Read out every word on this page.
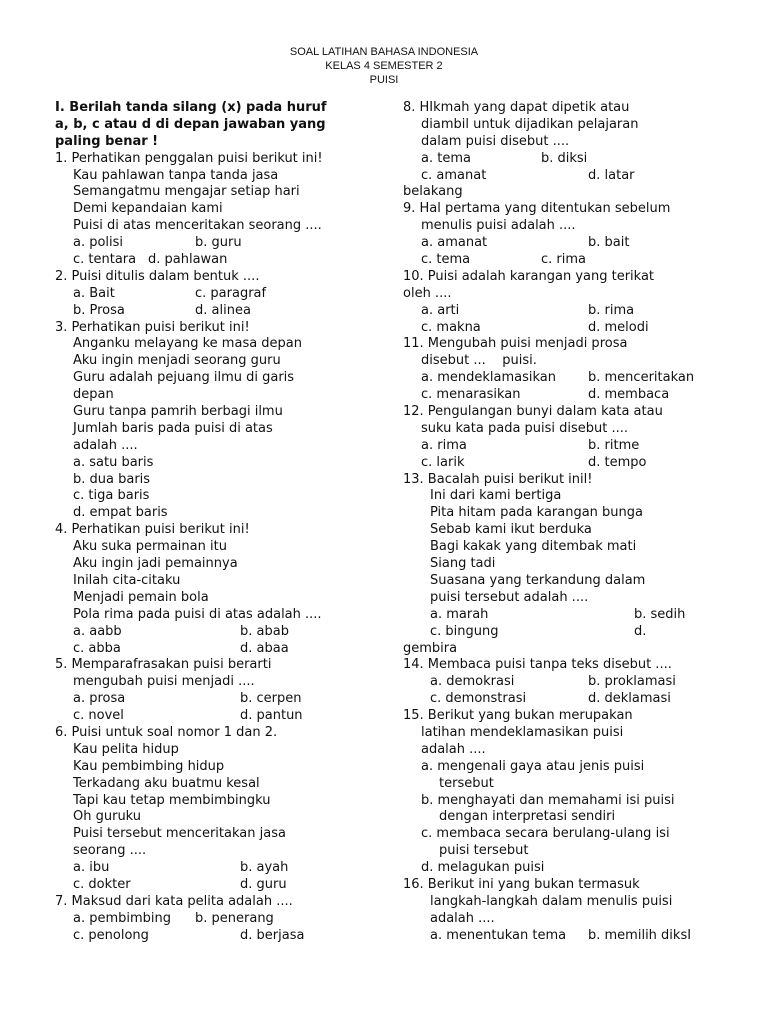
SOAL LATIHAN BAHASA INDONESIA
KELAS 4 SEMESTER 2
PUISI
I. Berilah tanda silang (x) pada huruf
a, b, c atau d di depan jawaban yang
paling benar !
1. Perhatikan penggalan puisi berikut ini!
Kau pahlawan tanpa tanda jasa
Semangatmu mengajar setiap hari
Demi kepandaian kami
Puisi di atas menceritakan seorang ....
a. polisi	b. guru
c. tentara d. pahlawan
2. Puisi ditulis dalam bentuk ....
a. Bait	c. paragraf
b. Prosa	d. alinea
3. Perhatikan puisi berikut ini!
Anganku melayang ke masa depan
Aku ingin menjadi seorang guru
Guru adalah pejuang ilmu di garis
depan
Guru tanpa pamrih berbagi ilmu
Jumlah baris pada puisi di atas
adalah ....
a. satu baris
b. dua baris
c. tiga baris
d. empat baris
4. Perhatikan puisi berikut ini!
Aku suka permainan itu
Aku ingin jadi pemainnya
Inilah cita-citaku
Menjadi pemain bola
Pola rima pada puisi di atas adalah ....
a. aabb	b. abab
c. abba	d. abaa
5. Memparafrasakan puisi berarti
mengubah puisi menjadi ....
a. prosa	b. cerpen
c. novel	d. pantun
6. Puisi untuk soal nomor 1 dan 2.
Kau pelita hidup
Kau pembimbing hidup
Terkadang aku buatmu kesal
Tapi kau tetap membimbingku
Oh guruku
Puisi tersebut menceritakan jasa
seorang ....
a. ibu	b. ayah
c. dokter	d. guru
7. Maksud dari kata pelita adalah ....
a. pembimbing b. penerang
c. penolong	d. berjasa
8. HIkmah yang dapat dipetik atau
diambil untuk dijadikan pelajaran
dalam puisi disebut ....
a. tema	b. diksi
c. amanat	d. latar
belakang
9. Hal pertama yang ditentukan sebelum
menulis puisi adalah ....
a. amanat	b. bait
c. tema	c. rima
10. Puisi adalah karangan yang terikat
oleh ....
a. arti	b. rima
c. makna	d. melodi
11. Mengubah puisi menjadi prosa
disebut ...    puisi.
a. mendeklamasikan b. menceritakan
c. menarasikan	d. membaca
12. Pengulangan bunyi dalam kata atau
suku kata pada puisi disebut ....
a. rima	b. ritme
c. larik	d. tempo
13. Bacalah puisi berikut inil!
Ini dari kami bertiga
Pita hitam pada karangan bunga
Sebab kami ikut berduka
Bagi kakak yang ditembak mati
Siang tadi
Suasana yang terkandung dalam
puisi tersebut adalah ....
a. marah	b. sedih
c. bingung	d.
gembira
14. Membaca puisi tanpa teks disebut ....
a. demokrasi	b. proklamasi
c. demonstrasi	d. deklamasi
15. Berikut yang bukan merupakan
latihan mendeklamasikan puisi
adalah ....
a. mengenali gaya atau jenis puisi
tersebut
b. menghayati dan memahami isi puisi
dengan interpretasi sendiri
c. membaca secara berulang-ulang isi
puisi tersebut
d. melagukan puisi
16. Berikut ini yang bukan termasuk
langkah-langkah dalam menulis puisi
adalah ....
a. menentukan tema b. memilih diksI
